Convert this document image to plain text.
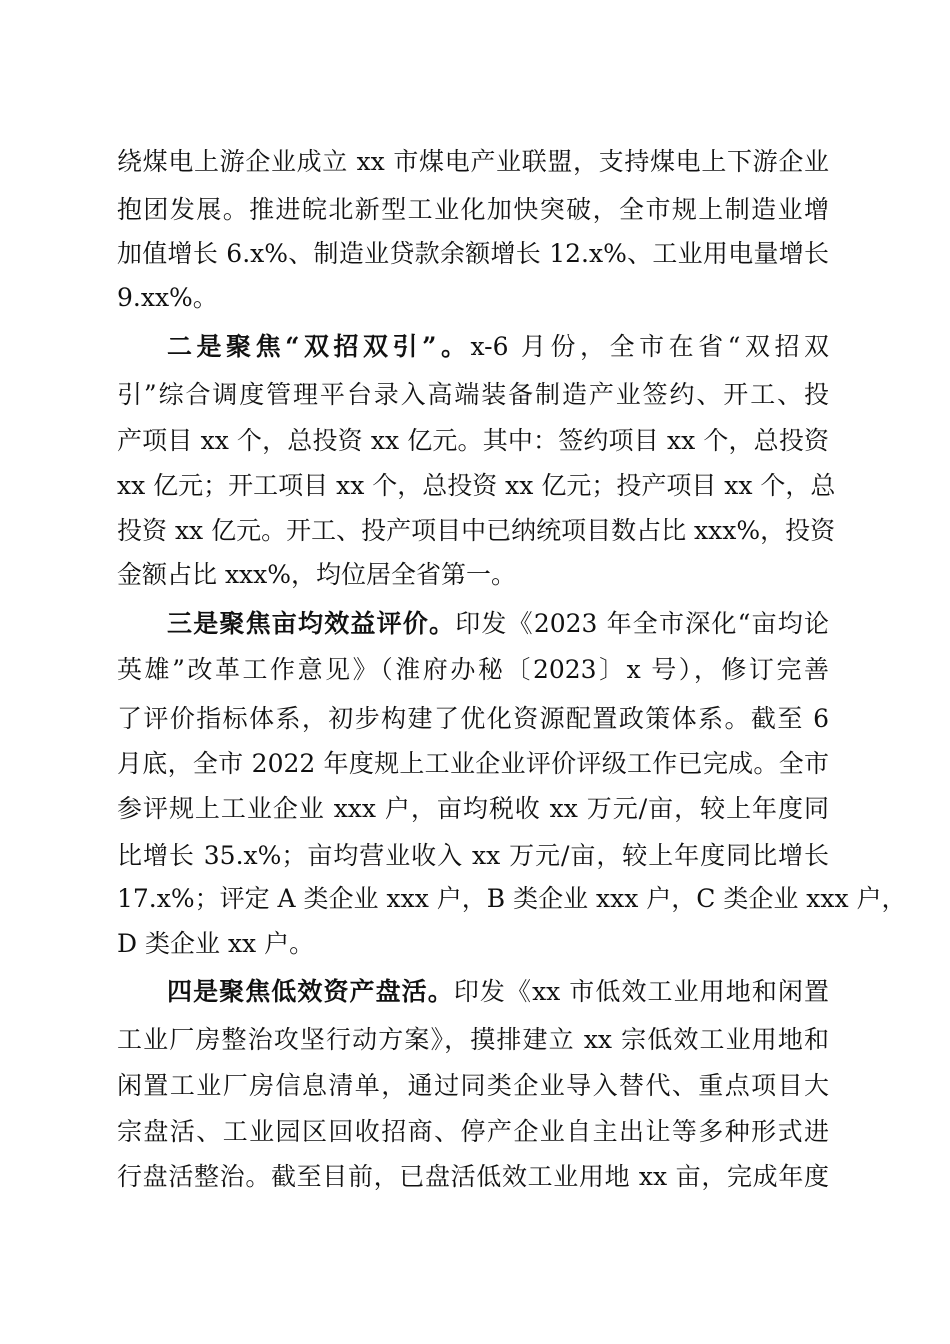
绕煤电上游企业成立 xx 市煤电产业联盟，支持煤电上下游企业
抱团发展。推进皖北新型工业化加快突破，全市规上制造业增
加值增长 6.x%、制造业贷款余额增长 12.x%、工业用电量增长
9.xx%。
二是聚焦“双招双引”。x-6 月份，全市在省“双招双
引”综合调度管理平台录入高端装备制造产业签约、开工、投
产项目 xx 个，总投资 xx 亿元。其中：签约项目 xx 个，总投资
xx 亿元；开工项目 xx 个，总投资 xx 亿元；投产项目 xx 个，总
投资 xx 亿元。开工、投产项目中已纳统项目数占比 xxx%，投资
金额占比 xxx%，均位居全省第一。
三是聚焦亩均效益评价。印发《2023 年全市深化“亩均论
英雄”改革工作意见》（淮府办秘〔2023〕x 号），修订完善
了评价指标体系，初步构建了优化资源配置政策体系。截至 6
月底，全市 2022 年度规上工业企业评价评级工作已完成。全市
参评规上工业企业 xxx 户，亩均税收 xx 万元/亩，较上年度同
比增长 35.x%；亩均营业收入 xx 万元/亩，较上年度同比增长
17.x%；评定 A 类企业 xxx 户，B 类企业 xxx 户，C 类企业 xxx 户，
D 类企业 xx 户。
四是聚焦低效资产盘活。印发《xx 市低效工业用地和闲置
工业厂房整治攻坚行动方案》，摸排建立 xx 宗低效工业用地和
闲置工业厂房信息清单，通过同类企业导入替代、重点项目大
宗盘活、工业园区回收招商、停产企业自主出让等多种形式进
行盘活整治。截至目前，已盘活低效工业用地 xx 亩，完成年度
